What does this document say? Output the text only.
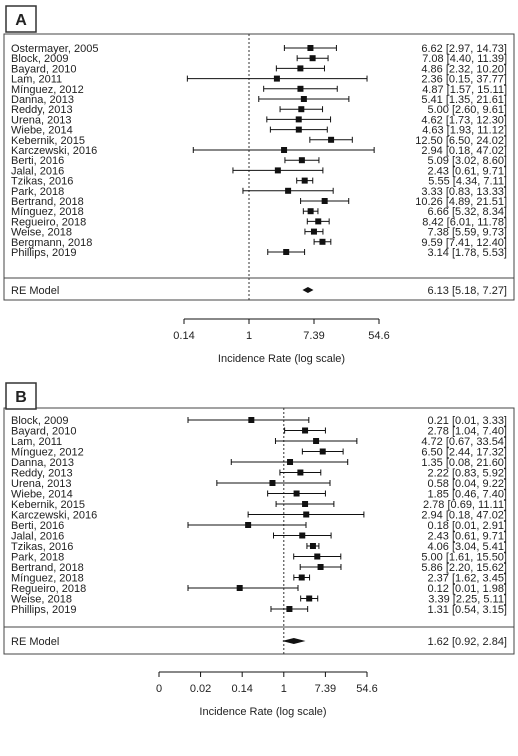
A
Ostermayer, 2005	6.62 [2.97, 14.73]
Block, 2009	7.08 [4.40, 11.39]
Bayard, 2010	4.86 [2.32, 10.20]
Lam, 2011	2.36 [0.15, 37.77]
Mínguez, 2012	4.87 [1.57, 15.11]
Danna, 2013	5.41 [1.35, 21.61]
Reddy, 2013	5.00 [2.60, 9.61]
Urena, 2013	4.62 [1.73, 12.30]
Wiebe, 2014	4.63 [1.93, 11.12]
Kebernik, 2015	12.50 [6.50, 24.02]
Karczewski, 2016	2.94 [0.18, 47.02]
Berti, 2016	5.09 [3.02, 8.60]
Jalal, 2016	2.43 [0.61, 9.71]
Tzikas, 2016	5.55 [4.34, 7.11]
Park, 2018	3.33 [0.83, 13.33]
Bertrand, 2018	10.26 [4.89, 21.51]
Mínguez, 2018	6.66 [5.32, 8.34]
Regueiro, 2018	8.42 [6.01, 11.78]
Weise, 2018	7.38 [5.59, 9.73]
Bergmann, 2018	9.59 [7.41, 12.40]
Phillips, 2019	3.14 [1.78, 5.53]
RE Model	6.13 [5.18, 7.27]
0.14	1	7.39	54.6
Incidence Rate (log scale)
B
Block, 2009	0.21 [0.01, 3.33]
Bayard, 2010	2.78 [1.04, 7.40]
Lam, 2011	4.72 [0.67, 33.54]
Mínguez, 2012	6.50 [2.44, 17.32]
Danna, 2013	1.35 [0.08, 21.60]
Reddy, 2013	2.22 [0.83, 5.92]
Urena, 2013	0.58 [0.04, 9.22]
Wiebe, 2014	1.85 [0.46, 7.40]
Kebernik, 2015	2.78 [0.69, 11.11]
Karczewski, 2016	2.94 [0.18, 47.02]
Berti, 2016	0.18 [0.01, 2.91]
Jalal, 2016	2.43 [0.61, 9.71]
Tzikas, 2016	4.06 [3.04, 5.41]
Park, 2018	5.00 [1.61, 15.50]
Bertrand, 2018	5.86 [2.20, 15.62]
Mínguez, 2018	2.37 [1.62, 3.45]
Regueiro, 2018	0.12 [0.01, 1.98]
Weise, 2018	3.39 [2.25, 5.11]
Phillips, 2019	1.31 [0.54, 3.15]
RE Model	1.62 [0.92, 2.84]
0	0.02 0.14	1	7.39 54.6
Incidence Rate (log scale)
